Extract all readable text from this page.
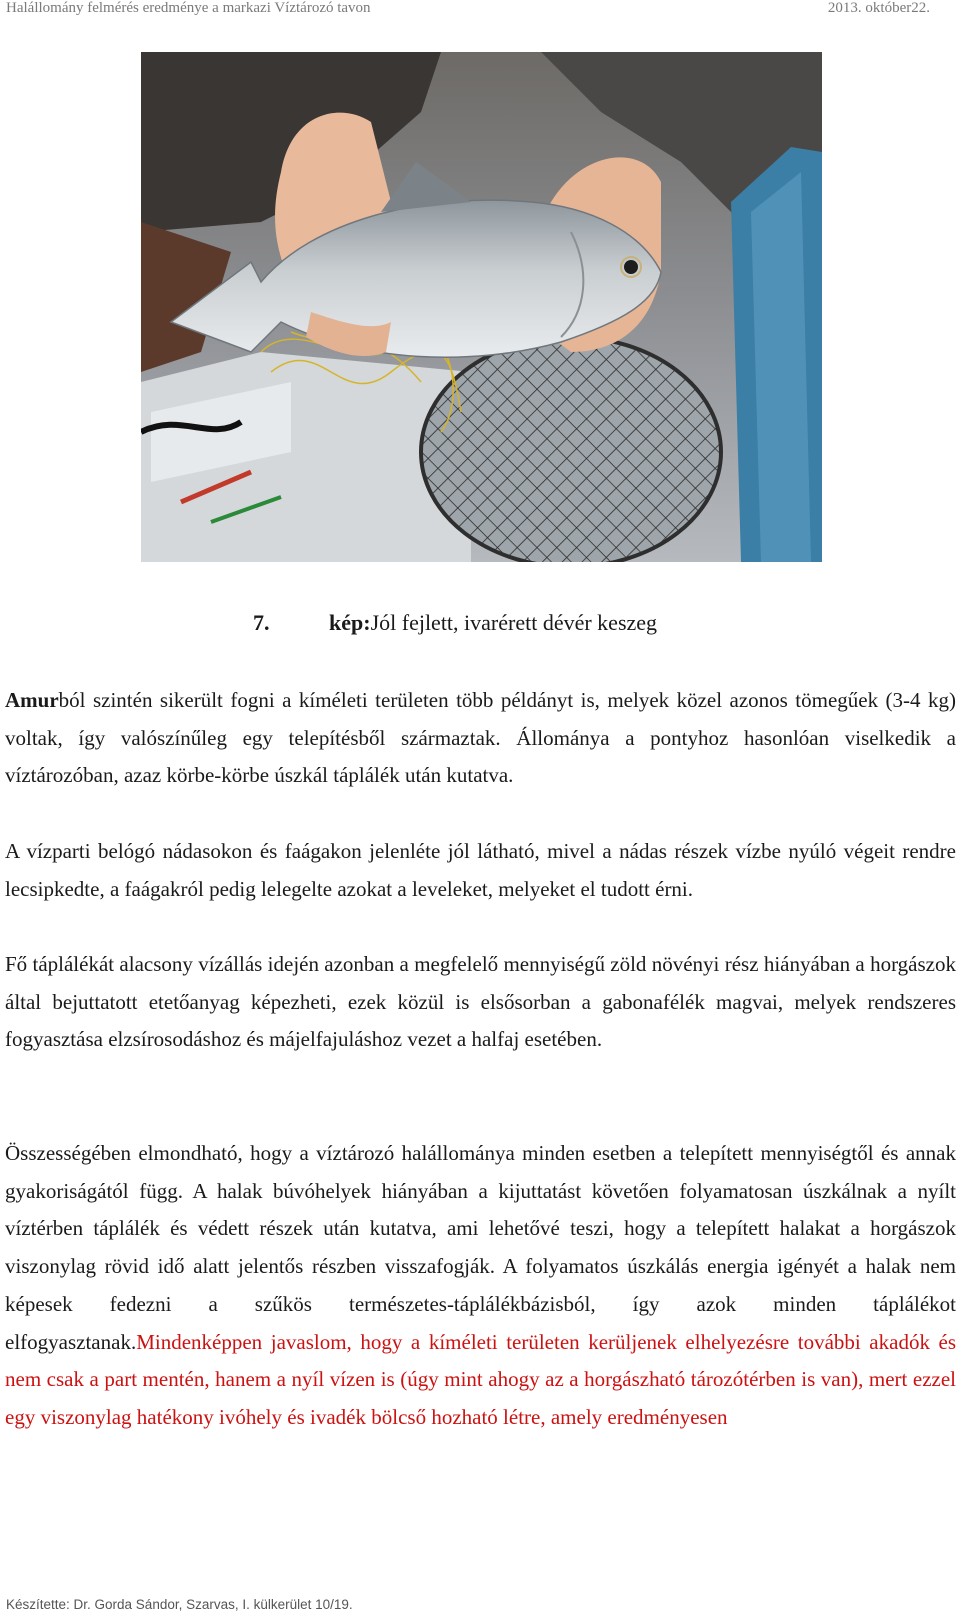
Halállomány felmérés eredménye a markazi Víztározó tavon	2013. október22.
7.	kép:Jól fejlett, ivarérett dévér keszeg

Amurból szintén sikerült fogni a kíméleti területen több példányt is, melyek közel azonos tömegűek (3-4 kg) voltak, így valószínűleg egy telepítésből származtak. Állománya a pontyhoz hasonlóan viselkedik a víztározóban, azaz körbe-körbe úszkál táplálék után kutatva.

A vízparti belógó nádasokon és faágakon jelenléte jól látható, mivel a nádas részek vízbe nyúló végeit rendre lecsipkedte, a faágakról pedig lelegelte azokat a leveleket, melyeket el tudott érni.

Fő táplálékát alacsony vízállás idején azonban a megfelelő mennyiségű zöld növényi rész hiányában a horgászok által bejuttatott etetőanyag képezheti, ezek közül is elsősorban a gabonafélék magvai, melyek rendszeres fogyasztása elzsírosodáshoz és májelfajuláshoz vezet a halfaj esetében.

Összességében elmondható, hogy a víztározó halállománya minden esetben a telepített mennyiségtől és annak gyakoriságától függ. A halak búvóhelyek hiányában a kijuttatást követően folyamatosan úszkálnak a nyílt víztérben táplálék és védett részek után kutatva, ami lehetővé teszi, hogy a telepített halakat a horgászok viszonylag rövid idő alatt jelentős részben visszafogják. A folyamatos úszkálás energia igényét a halak nem képesek fedezni a szűkös természetes-táplálékbázisból, így azok minden táplálékot elfogyasztanak.Mindenképpen javaslom, hogy a kíméleti területen kerüljenek elhelyezésre további akadók és nem csak a part mentén, hanem a nyíl vízen is (úgy mint ahogy az a horgászható tározótérben is van), mert ezzel egy viszonylag hatékony ivóhely és ivadék bölcső hozható létre, amely eredményesen

Készítette: Dr. Gorda Sándor, Szarvas, I. külkerület 10/19.
